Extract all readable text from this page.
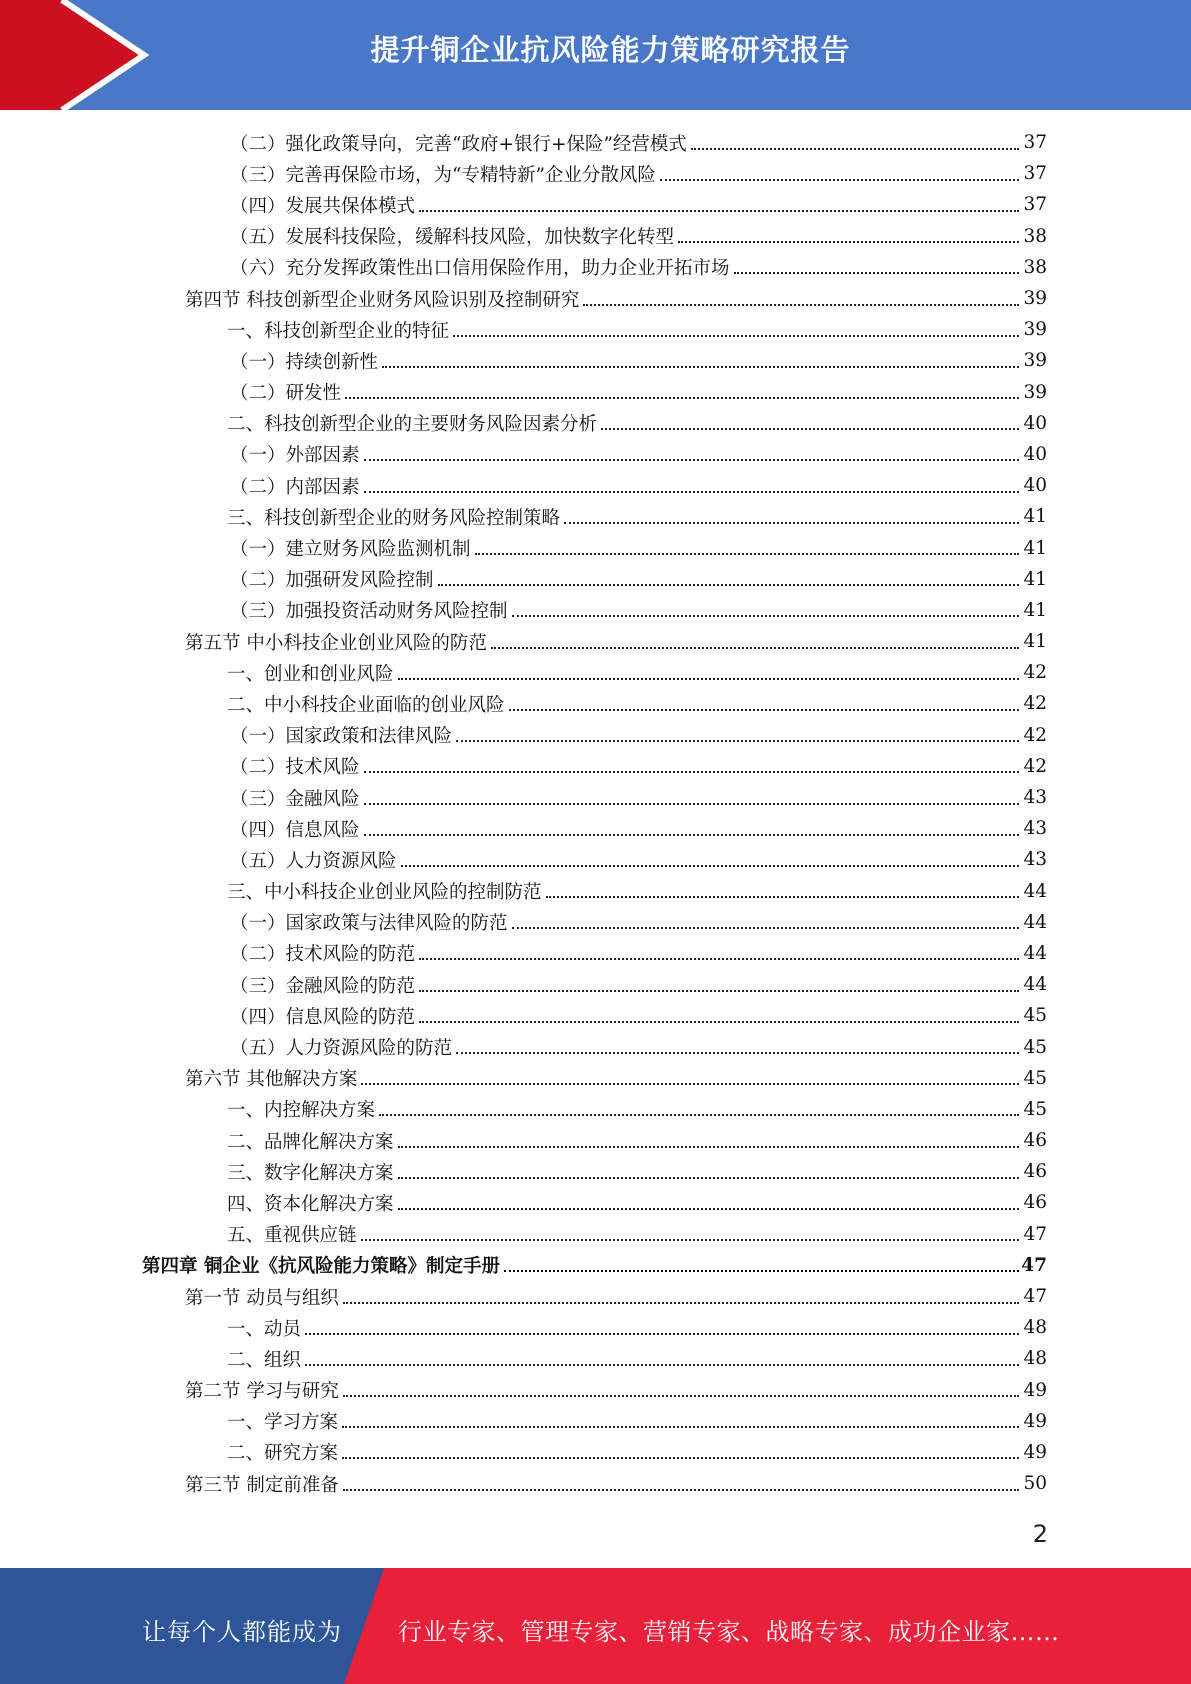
提升铜企业抗风险能力策略研究报告
（二）强化政策导向，完善“政府+银行+保险”经营模式	37
（三）完善再保险市场，为“专精特新”企业分散风险	37
（四）发展共保体模式	37
（五）发展科技保险，缓解科技风险，加快数字化转型	38
（六）充分发挥政策性出口信用保险作用，助力企业开拓市场	38
第四节 科技创新型企业财务风险识别及控制研究	39
一、科技创新型企业的特征	39
（一）持续创新性	39
（二）研发性	39
二、科技创新型企业的主要财务风险因素分析	40
（一）外部因素	40
（二）内部因素	40
三、科技创新型企业的财务风险控制策略	41
（一）建立财务风险监测机制	41
（二）加强研发风险控制	41
（三）加强投资活动财务风险控制	41
第五节 中小科技企业创业风险的防范	41
一、创业和创业风险	42
二、中小科技企业面临的创业风险	42
（一）国家政策和法律风险	42
（二）技术风险	42
（三）金融风险	43
（四）信息风险	43
（五）人力资源风险	43
三、中小科技企业创业风险的控制防范	44
（一）国家政策与法律风险的防范	44
（二）技术风险的防范	44
（三）金融风险的防范	44
（四）信息风险的防范	45
（五）人力资源风险的防范	45
第六节 其他解决方案	45
一、内控解决方案	45
二、品牌化解决方案	46
三、数字化解决方案	46
四、资本化解决方案	46
五、重视供应链	47
第四章 铜企业《抗风险能力策略》制定手册	47
第一节 动员与组织	47
一、动员	48
二、组织	48
第二节 学习与研究	49
一、学习方案	49
二、研究方案	49
第三节 制定前准备	50
2
让每个人都能成为 行业专家、管理专家、营销专家、战略专家、成功企业家……
